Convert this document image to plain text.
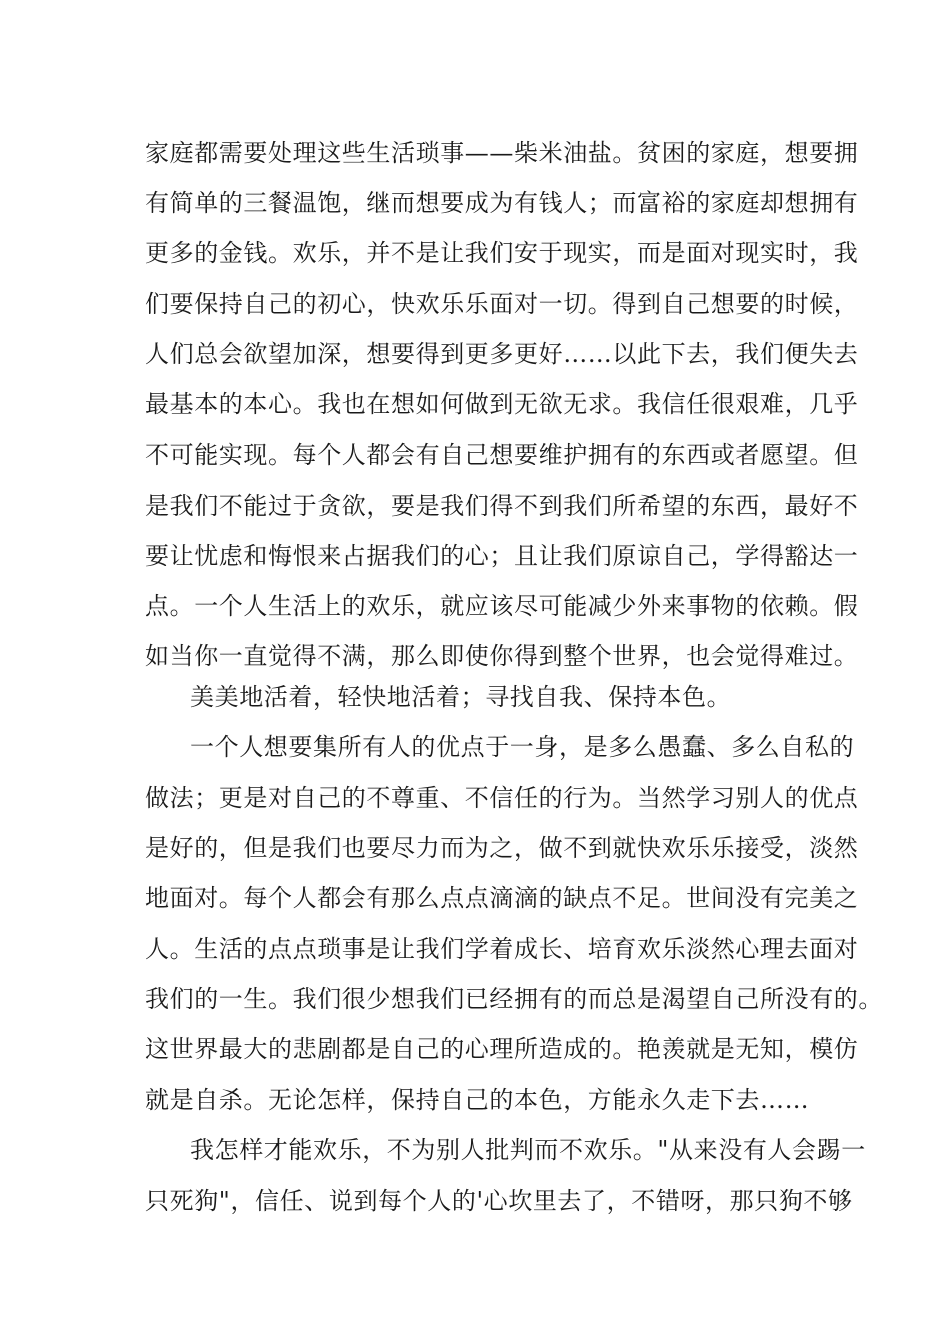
家庭都需要处理这些生活琐事——柴米油盐。贫困的家庭，想要拥
有简单的三餐温饱，继而想要成为有钱人；而富裕的家庭却想拥有
更多的金钱。欢乐，并不是让我们安于现实，而是面对现实时，我
们要保持自己的初心，快欢乐乐面对一切。得到自己想要的时候，
人们总会欲望加深，想要得到更多更好……以此下去，我们便失去
最基本的本心。我也在想如何做到无欲无求。我信任很艰难，几乎
不可能实现。每个人都会有自己想要维护拥有的东西或者愿望。但
是我们不能过于贪欲，要是我们得不到我们所希望的东西，最好不
要让忧虑和悔恨来占据我们的心；且让我们原谅自己，学得豁达一
点。一个人生活上的欢乐，就应该尽可能减少外来事物的依赖。假
如当你一直觉得不满，那么即使你得到整个世界，也会觉得难过。
美美地活着，轻快地活着；寻找自我、保持本色。
一个人想要集所有人的优点于一身，是多么愚蠢、多么自私的
做法；更是对自己的不尊重、不信任的行为。当然学习别人的优点
是好的，但是我们也要尽力而为之，做不到就快欢乐乐接受，淡然
地面对。每个人都会有那么点点滴滴的缺点不足。世间没有完美之
人。生活的点点琐事是让我们学着成长、培育欢乐淡然心理去面对
我们的一生。我们很少想我们已经拥有的而总是渴望自己所没有的。
这世界最大的悲剧都是自己的心理所造成的。艳羡就是无知，模仿
就是自杀。无论怎样，保持自己的本色，方能永久走下去……
我怎样才能欢乐，不为别人批判而不欢乐。"从来没有人会踢一
只死狗"，信任、说到每个人的'心坎里去了，不错呀，那只狗不够
